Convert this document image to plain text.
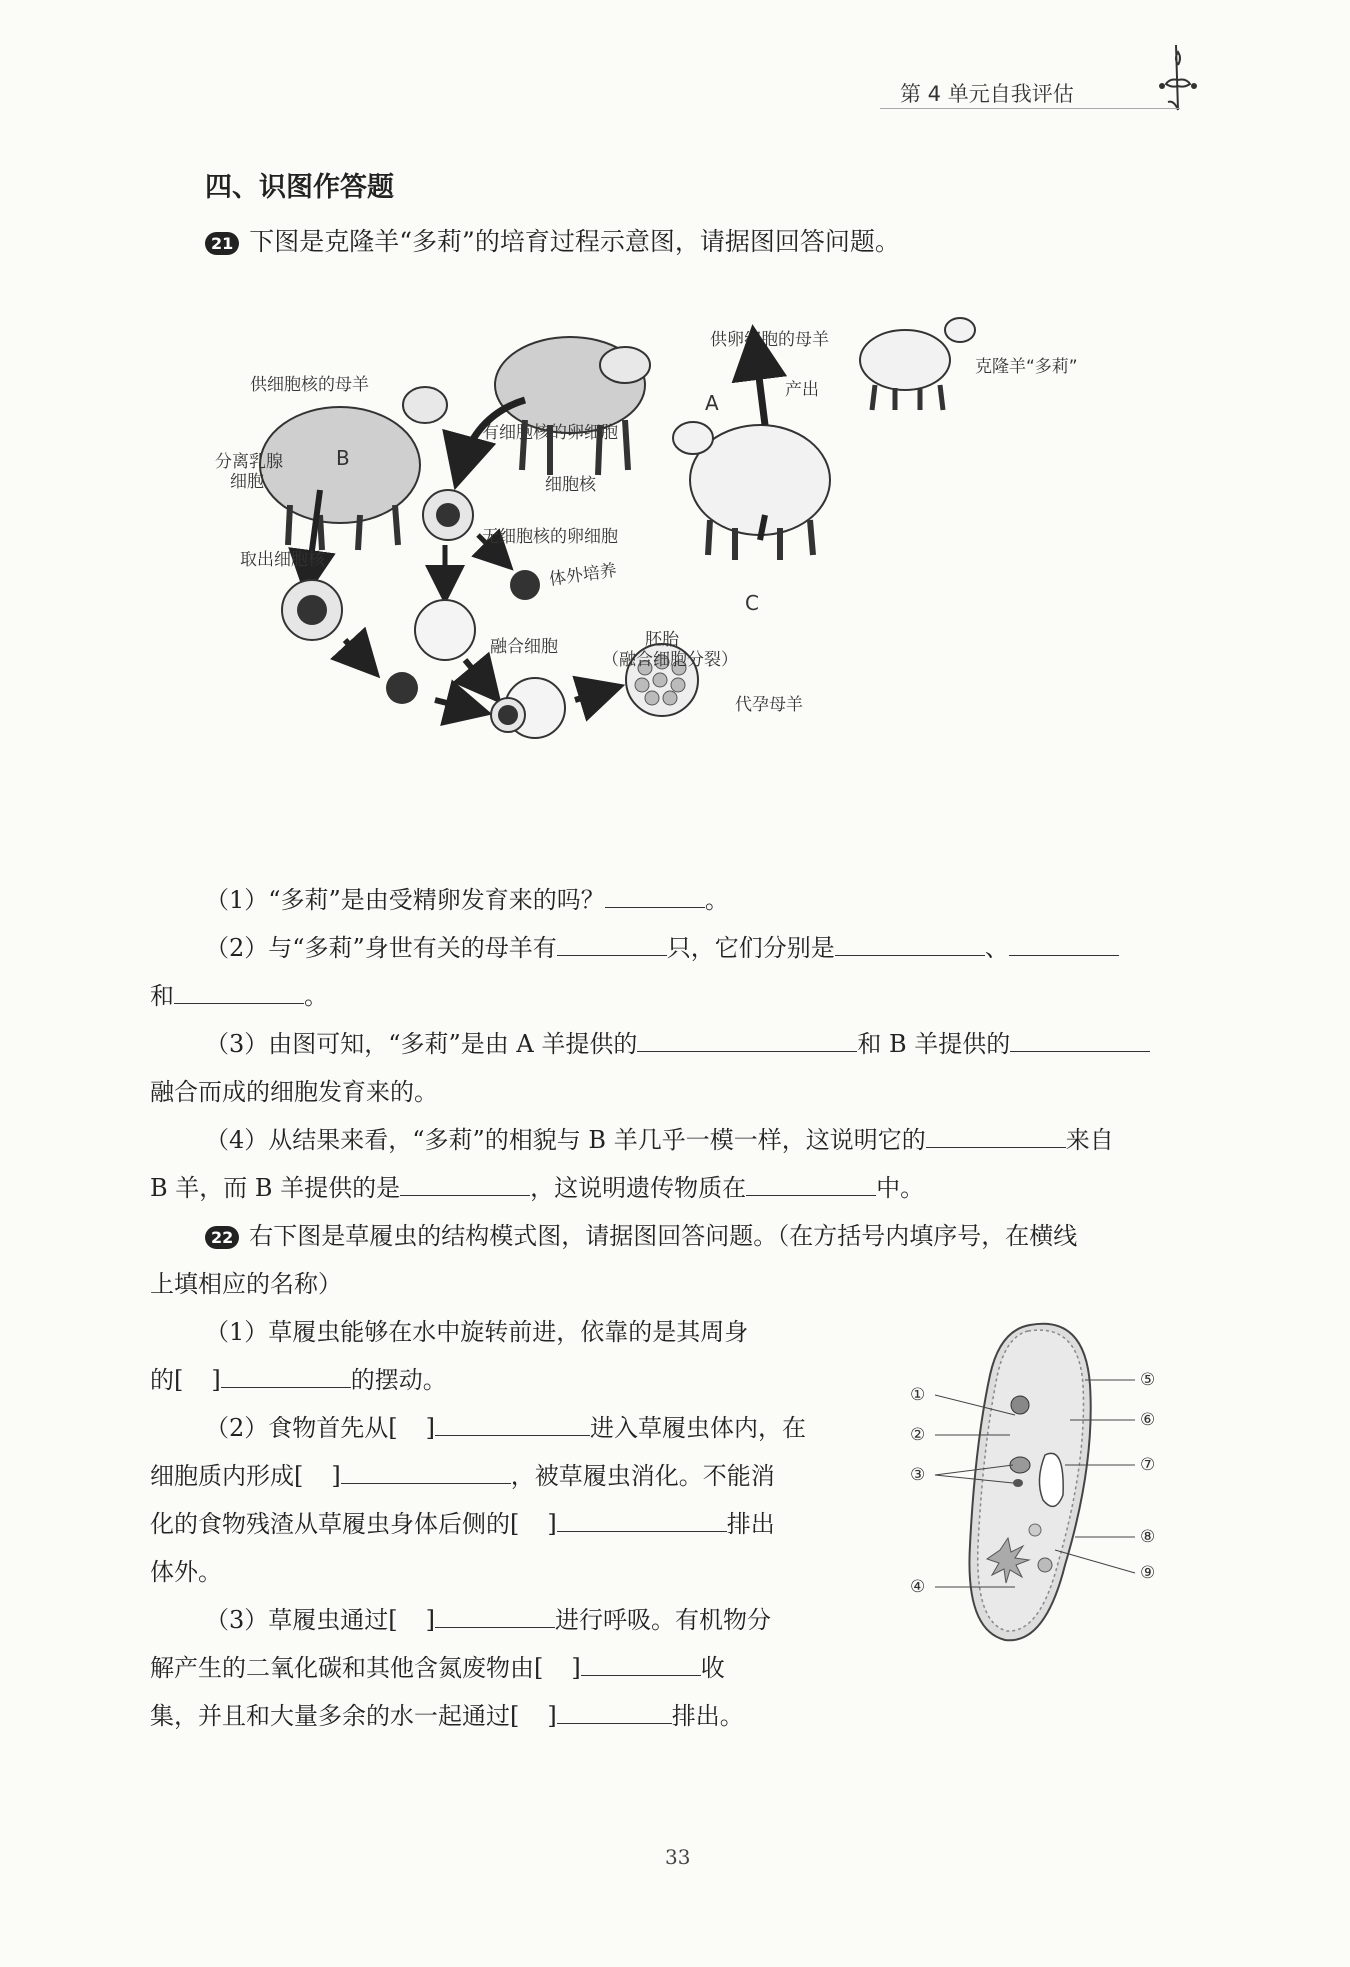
第 4 单元自我评估
四、识图作答题
21 下图是克隆羊“多莉”的培育过程示意图，请据图回答问题。
供卵细胞的母羊
A
供细胞核的母羊
B
克隆羊“多莉”
C
代孕母羊
产出
有细胞核的卵细胞
细胞核
无细胞核的卵细胞
分离乳腺
细胞
取出细胞核
融合细胞
体外培养
胚胎
（融合细胞分裂）
（1）“多莉”是由受精卵发育来的吗？	。
（2）与“多莉”身世有关的母羊有	只，它们分别是	、
和	。
（3）由图可知，“多莉”是由 A 羊提供的	和 B 羊提供的
融合而成的细胞发育来的。
（4）从结果来看，“多莉”的相貌与 B 羊几乎一模一样，这说明它的	来自
B 羊，而 B 羊提供的是	，这说明遗传物质在	中。
22 右下图是草履虫的结构模式图，请据图回答问题。（在方括号内填序号，在横线
上填相应的名称）
（1）草履虫能够在水中旋转前进，依靠的是其周身
的[ ]	的摆动。
（2）食物首先从[ ]	进入草履虫体内，在
细胞质内形成[ ]	，被草履虫消化。不能消
化的食物残渣从草履虫身体后侧的[ ]	排出
体外。
（3）草履虫通过[ ]	进行呼吸。有机物分
解产生的二氧化碳和其他含氮废物由[ ]	收
集，并且和大量多余的水一起通过[ ]	排出。
①
②
③
④
⑤
⑥
⑦
⑧
⑨
33
